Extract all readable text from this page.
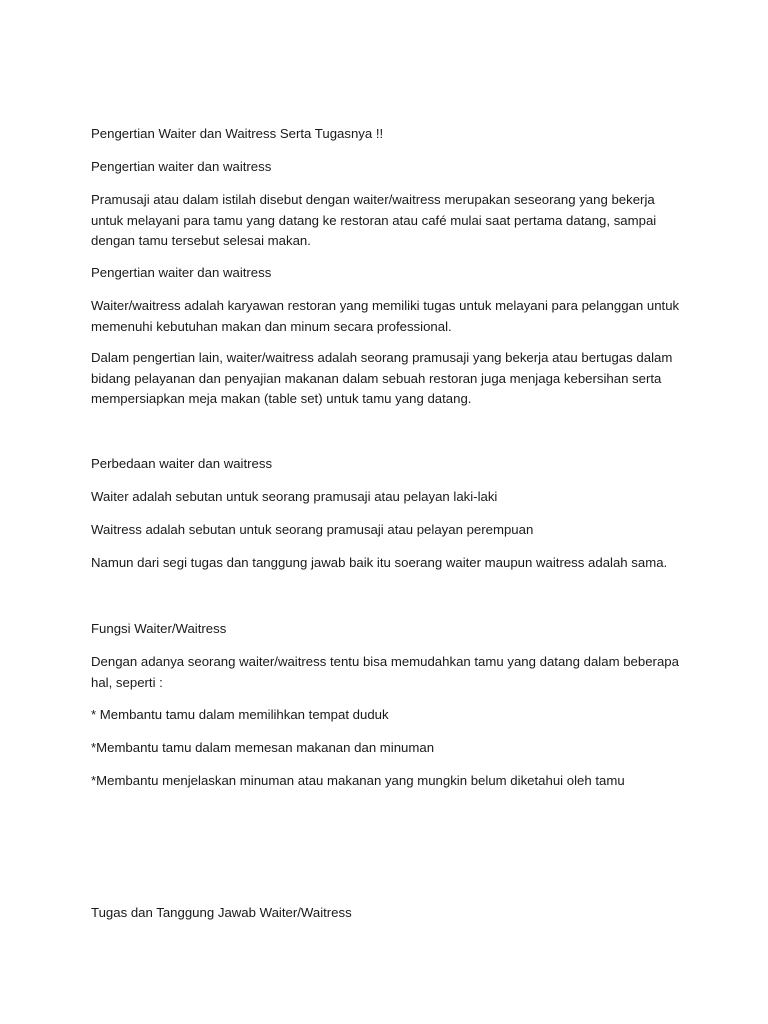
Pengertian Waiter dan Waitress Serta Tugasnya !!

Pengertian waiter dan waitress

Pramusaji atau dalam istilah disebut dengan waiter/waitress merupakan seseorang yang bekerja untuk melayani para tamu yang datang ke restoran atau café mulai saat pertama datang, sampai dengan tamu tersebut selesai makan.

Pengertian waiter dan waitress

Waiter/waitress adalah karyawan restoran yang memiliki tugas untuk melayani para pelanggan untuk memenuhi kebutuhan makan dan minum secara professional.

Dalam pengertian lain, waiter/waitress adalah seorang pramusaji yang bekerja atau bertugas dalam bidang pelayanan dan penyajian makanan dalam sebuah restoran juga menjaga kebersihan serta mempersiapkan meja makan (table set) untuk tamu yang datang.

Perbedaan waiter dan waitress

Waiter adalah sebutan untuk seorang pramusaji atau pelayan laki-laki

Waitress adalah sebutan untuk seorang pramusaji atau pelayan perempuan

Namun dari segi tugas dan tanggung jawab baik itu soerang waiter maupun waitress adalah sama.

Fungsi Waiter/Waitress

Dengan adanya seorang waiter/waitress tentu bisa memudahkan tamu yang datang dalam beberapa hal, seperti :

* Membantu tamu dalam memilihkan tempat duduk

*Membantu tamu dalam memesan makanan dan minuman

*Membantu menjelaskan minuman atau makanan yang mungkin belum diketahui oleh tamu

Tugas dan Tanggung Jawab Waiter/Waitress
